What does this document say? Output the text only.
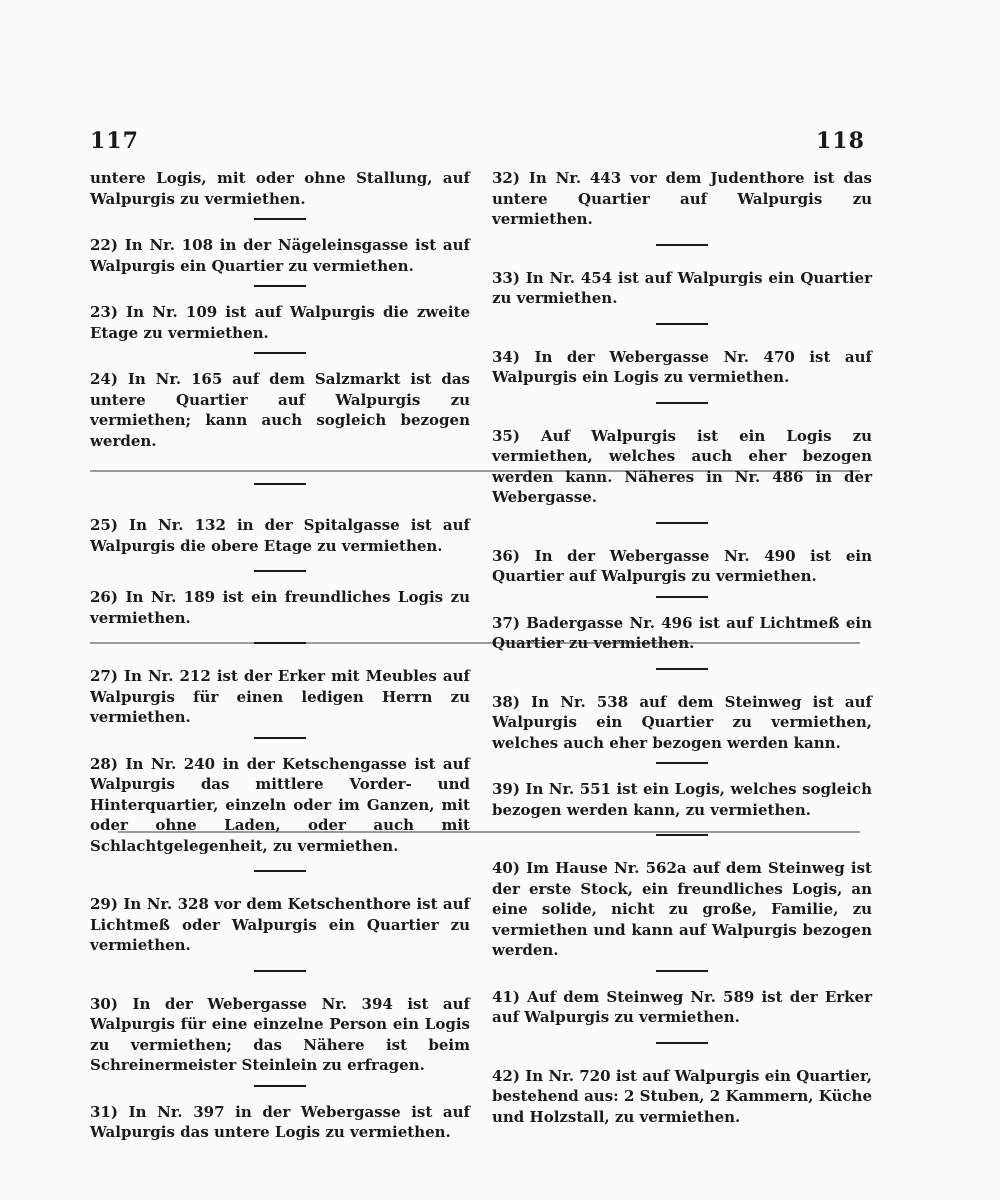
117	118

untere Logis, mit oder ohne Stallung, auf Walpurgis zu vermiethen.

22) In Nr. 108 in der Nägeleinsgasse ist auf Walpurgis ein Quartier zu vermiethen.

23) In Nr. 109 ist auf Walpurgis die zweite Etage zu vermiethen.

24) In Nr. 165 auf dem Salzmarkt ist das untere Quartier auf Walpurgis zu vermiethen; kann auch sogleich bezogen werden.

25) In Nr. 132 in der Spitalgasse ist auf Walpurgis die obere Etage zu vermiethen.

26) In Nr. 189 ist ein freundliches Logis zu vermiethen.

27) In Nr. 212 ist der Erker mit Meubles auf Walpurgis für einen ledigen Herrn zu vermiethen.

28) In Nr. 240 in der Ketschengasse ist auf Walpurgis das mittlere Vorder- und Hinterquartier, einzeln oder im Ganzen, mit oder ohne Laden, oder auch mit Schlachtgelegenheit, zu vermiethen.

29) In Nr. 328 vor dem Ketschenthore ist auf Lichtmeß oder Walpurgis ein Quartier zu vermiethen.

30) In der Webergasse Nr. 394 ist auf Walpurgis für eine einzelne Person ein Logis zu vermiethen; das Nähere ist beim Schreinermeister Steinlein zu erfragen.

31) In Nr. 397 in der Webergasse ist auf Walpurgis das untere Logis zu vermiethen.

32) In Nr. 443 vor dem Judenthore ist das untere Quartier auf Walpurgis zu vermiethen.

33) In Nr. 454 ist auf Walpurgis ein Quartier zu vermiethen.

34) In der Webergasse Nr. 470 ist auf Walpurgis ein Logis zu vermiethen.

35) Auf Walpurgis ist ein Logis zu vermiethen, welches auch eher bezogen werden kann. Näheres in Nr. 486 in der Webergasse.

36) In der Webergasse Nr. 490 ist ein Quartier auf Walpurgis zu vermiethen.

37) Badergasse Nr. 496 ist auf Lichtmeß ein Quartier zu vermiethen.

38) In Nr. 538 auf dem Steinweg ist auf Walpurgis ein Quartier zu vermiethen, welches auch eher bezogen werden kann.

39) In Nr. 551 ist ein Logis, welches sogleich bezogen werden kann, zu vermiethen.

40) Im Hause Nr. 562a auf dem Steinweg ist der erste Stock, ein freundliches Logis, an eine solide, nicht zu große, Familie, zu vermiethen und kann auf Walpurgis bezogen werden.

41) Auf dem Steinweg Nr. 589 ist der Erker auf Walpurgis zu vermiethen.

42) In Nr. 720 ist auf Walpurgis ein Quartier, bestehend aus: 2 Stuben, 2 Kammern, Küche und Holzstall, zu vermiethen.
